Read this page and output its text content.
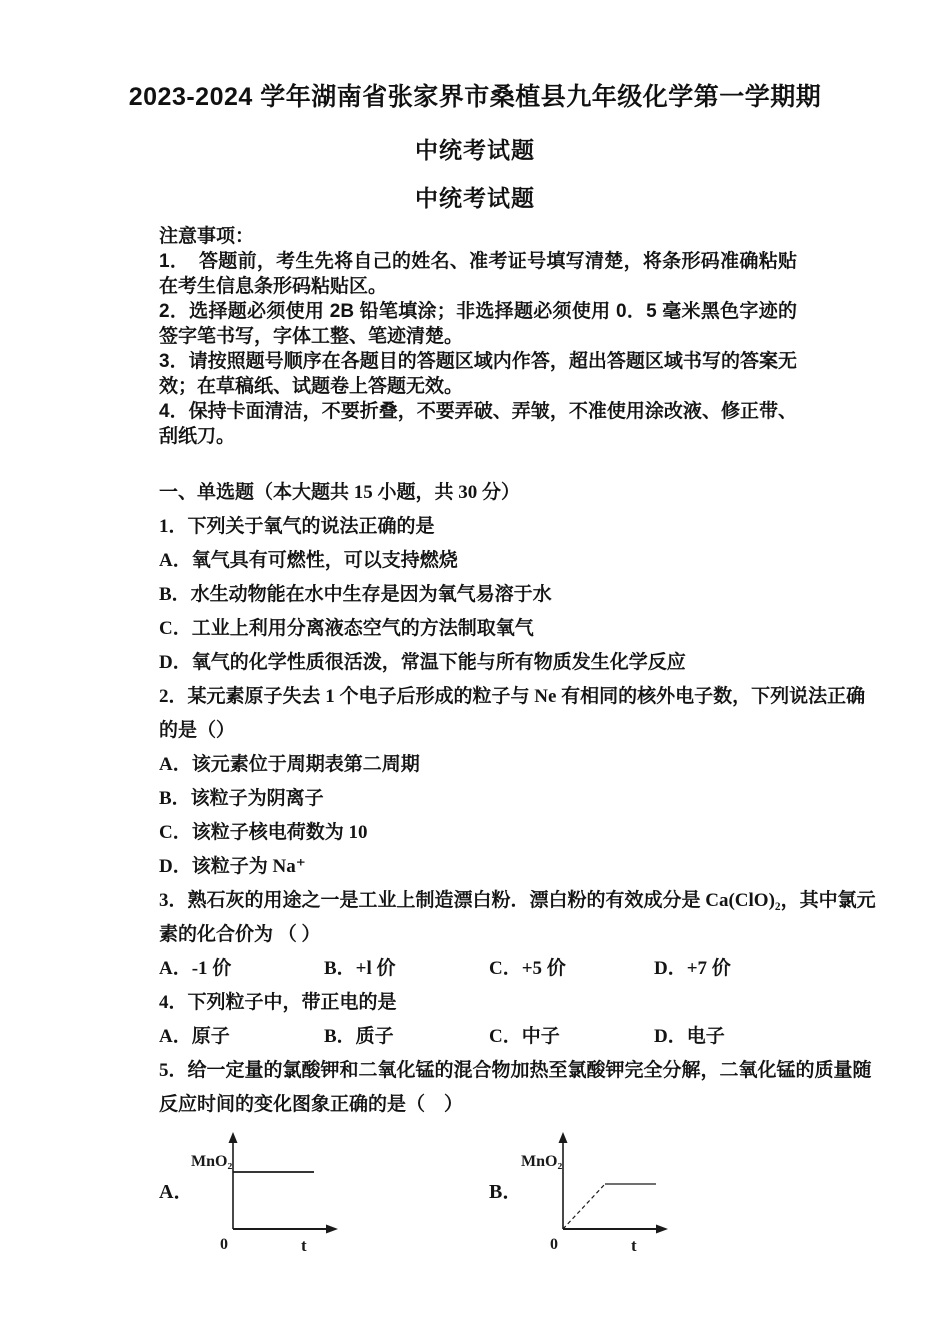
2023-2024 学年湖南省张家界市桑植县九年级化学第一学期期
中统考试题
中统考试题
注意事项：
1．　答题前，考生先将自己的姓名、准考证号填写清楚，将条形码准确粘贴在考生信息条形码粘贴区。
2．选择题必须使用 2B 铅笔填涂；非选择题必须使用 0．5 毫米黑色字迹的签字笔书写，字体工整、笔迹清楚。
3．请按照题号顺序在各题目的答题区域内作答，超出答题区域书写的答案无效；在草稿纸、试题卷上答题无效。
4．保持卡面清洁，不要折叠，不要弄破、弄皱，不准使用涂改液、修正带、刮纸刀。
一、单选题（本大题共 15 小题，共 30 分）
1．下列关于氧气的说法正确的是
A．氧气具有可燃性，可以支持燃烧
B．水生动物能在水中生存是因为氧气易溶于水
C．工业上利用分离液态空气的方法制取氧气
D．氧气的化学性质很活泼，常温下能与所有物质发生化学反应
2．某元素原子失去 1 个电子后形成的粒子与 Ne 有相同的核外电子数，下列说法正确
的是（）
A．该元素位于周期表第二周期
B．该粒子为阴离子
C．该粒子核电荷数为 10
D．该粒子为 Na⁺
3．熟石灰的用途之一是工业上制造漂白粉．漂白粉的有效成分是 Ca(ClO)₂，其中氯元
素的化合价为 （ ）
A．-1 价	B．+l 价	C．+5 价	D．+7 价
4．下列粒子中，带正电的是
A．原子	B．质子	C．中子	D．电子
5．给一定量的氯酸钾和二氧化锰的混合物加热至氯酸钾完全分解，二氧化锰的质量随
反应时间的变化图象正确的是（　）
A．
MnO₂
0	t
B．
MnO₂
0	t
